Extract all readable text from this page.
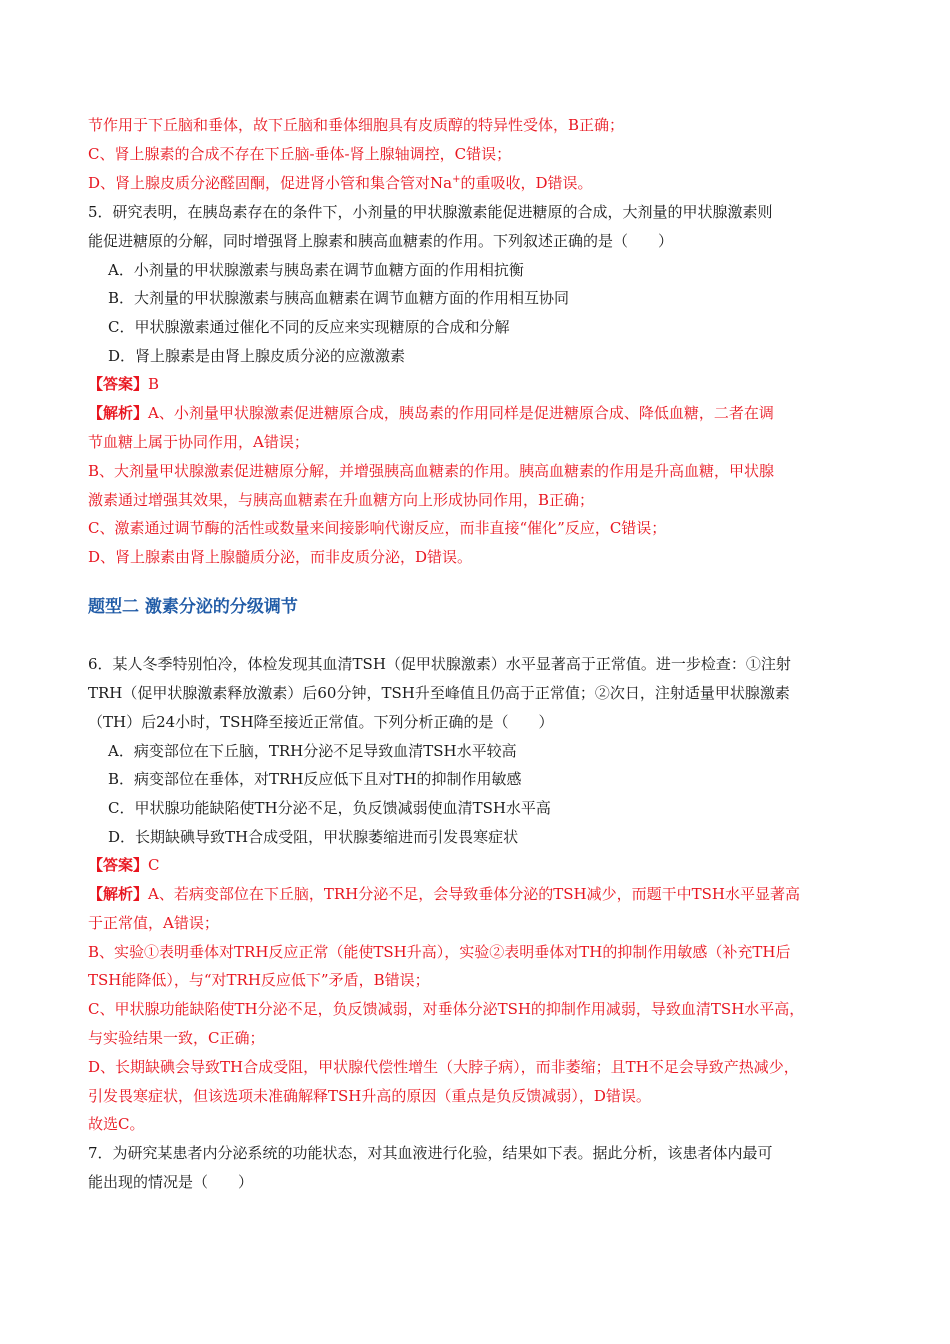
节作用于下丘脑和垂体，故下丘脑和垂体细胞具有皮质醇的特异性受体，B正确；
C、肾上腺素的合成不存在下丘脑-垂体-肾上腺轴调控，C错误；
D、肾上腺皮质分泌醛固酮，促进肾小管和集合管对Na+的重吸收，D错误。
5．研究表明，在胰岛素存在的条件下，小剂量的甲状腺激素能促进糖原的合成，大剂量的甲状腺激素则
能促进糖原的分解，同时增强肾上腺素和胰高血糖素的作用。下列叙述正确的是（　　）
A．小剂量的甲状腺激素与胰岛素在调节血糖方面的作用相抗衡
B．大剂量的甲状腺激素与胰高血糖素在调节血糖方面的作用相互协同
C．甲状腺激素通过催化不同的反应来实现糖原的合成和分解
D．肾上腺素是由肾上腺皮质分泌的应激激素
【答案】B
【解析】A、小剂量甲状腺激素促进糖原合成，胰岛素的作用同样是促进糖原合成、降低血糖，二者在调
节血糖上属于协同作用，A错误；
B、大剂量甲状腺激素促进糖原分解，并增强胰高血糖素的作用。胰高血糖素的作用是升高血糖，甲状腺
激素通过增强其效果，与胰高血糖素在升血糖方向上形成协同作用，B正确；
C、激素通过调节酶的活性或数量来间接影响代谢反应，而非直接“催化”反应，C错误；
D、肾上腺素由肾上腺髓质分泌，而非皮质分泌，D错误。
题型二 激素分泌的分级调节
6．某人冬季特别怕冷，体检发现其血清TSH（促甲状腺激素）水平显著高于正常值。进一步检查：①注射
TRH（促甲状腺激素释放激素）后60分钟，TSH升至峰值且仍高于正常值；②次日，注射适量甲状腺激素
（TH）后24小时，TSH降至接近正常值。下列分析正确的是（　　）
A．病变部位在下丘脑，TRH分泌不足导致血清TSH水平较高
B．病变部位在垂体，对TRH反应低下且对TH的抑制作用敏感
C．甲状腺功能缺陷使TH分泌不足，负反馈减弱使血清TSH水平高
D．长期缺碘导致TH合成受阻，甲状腺萎缩进而引发畏寒症状
【答案】C
【解析】A、若病变部位在下丘脑，TRH分泌不足，会导致垂体分泌的TSH减少，而题干中TSH水平显著高
于正常值，A错误；
B、实验①表明垂体对TRH反应正常（能使TSH升高），实验②表明垂体对TH的抑制作用敏感（补充TH后
TSH能降低），与“对TRH反应低下”矛盾，B错误；
C、甲状腺功能缺陷使TH分泌不足，负反馈减弱，对垂体分泌TSH的抑制作用减弱，导致血清TSH水平高，
与实验结果一致，C正确；
D、长期缺碘会导致TH合成受阻，甲状腺代偿性增生（大脖子病），而非萎缩；且TH不足会导致产热减少，
引发畏寒症状，但该选项未准确解释TSH升高的原因（重点是负反馈减弱），D错误。
故选C。
7．为研究某患者内分泌系统的功能状态，对其血液进行化验，结果如下表。据此分析，该患者体内最可
能出现的情况是（　　）
